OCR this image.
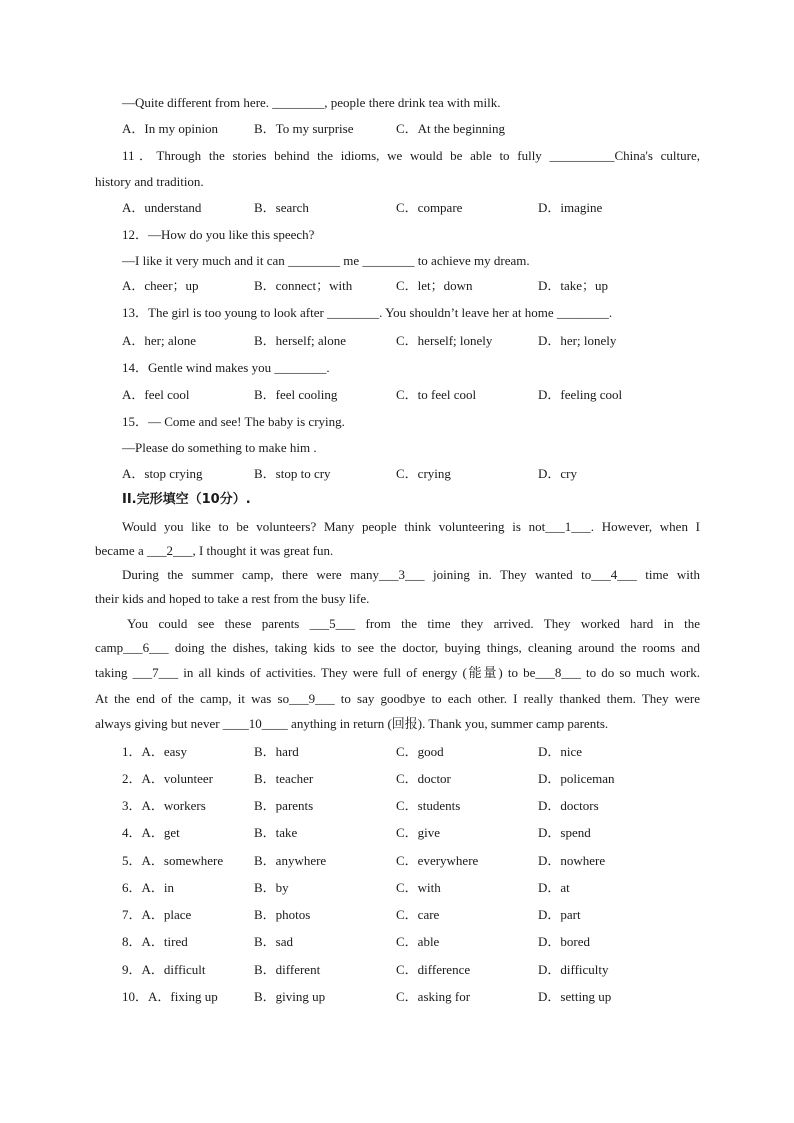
—Quite different from here. ________, people there drink tea with milk.
A．In my opinion	B．To my surprise	C．At the beginning
11．Through the stories behind the idioms, we would be able to fully __________China's culture,
history and tradition.
A．understand	B．search	C．compare	D．imagine
12．—How do you like this speech?
—I like it very much and it can ________ me ________ to achieve my dream.
A．cheer；up	B．connect；with	C．let；down	D．take；up
13．The girl is too young to look after ________. You shouldn’t leave her at home ________.
A．her; alone	B．herself; alone	C．herself; lonely	D．her; lonely
14．Gentle wind makes you ________.
A．feel cool	B．feel cooling	C．to feel cool	D．feeling cool
15．— Come and see! The baby is crying.
—Please do something to make him .
A．stop crying	B．stop to cry	C．crying	D．cry
II.完形填空（10分）.
Would you like to be volunteers? Many people think volunteering is not___1___. However, when I
became a ___2___, I thought it was great fun.
During the summer camp, there were many___3___ joining in. They wanted to___4___ time with
their kids and hoped to take a rest from the busy life.
You could see these parents ___5___ from the time they arrived. They worked hard in the
camp___6___ doing the dishes, taking kids to see the doctor, buying things, cleaning around the rooms and
taking ___7___ in all kinds of activities. They were full of energy (能量) to be___8___ to do so much work.
At the end of the camp, it was so___9___ to say goodbye to each other. I really thanked them. They were
always giving but never ____10____ anything in return (回报). Thank you, summer camp parents.
1．A．easy	B．hard	C．good	D．nice
2．A．volunteer	B．teacher	C．doctor	D．policeman
3．A．workers	B．parents	C．students	D．doctors
4．A．get	B．take	C．give	D．spend
5．A．somewhere B．anywhere	C．everywhere	D．nowhere
6．A．in	B．by	C．with	D．at
7．A．place	B．photos	C．care	D．part
8．A．tired	B．sad	C．able	D．bored
9．A．difficult	B．different	C．difference	D．difficulty
10．A．fixing up	B．giving up	C．asking for	D．setting up
